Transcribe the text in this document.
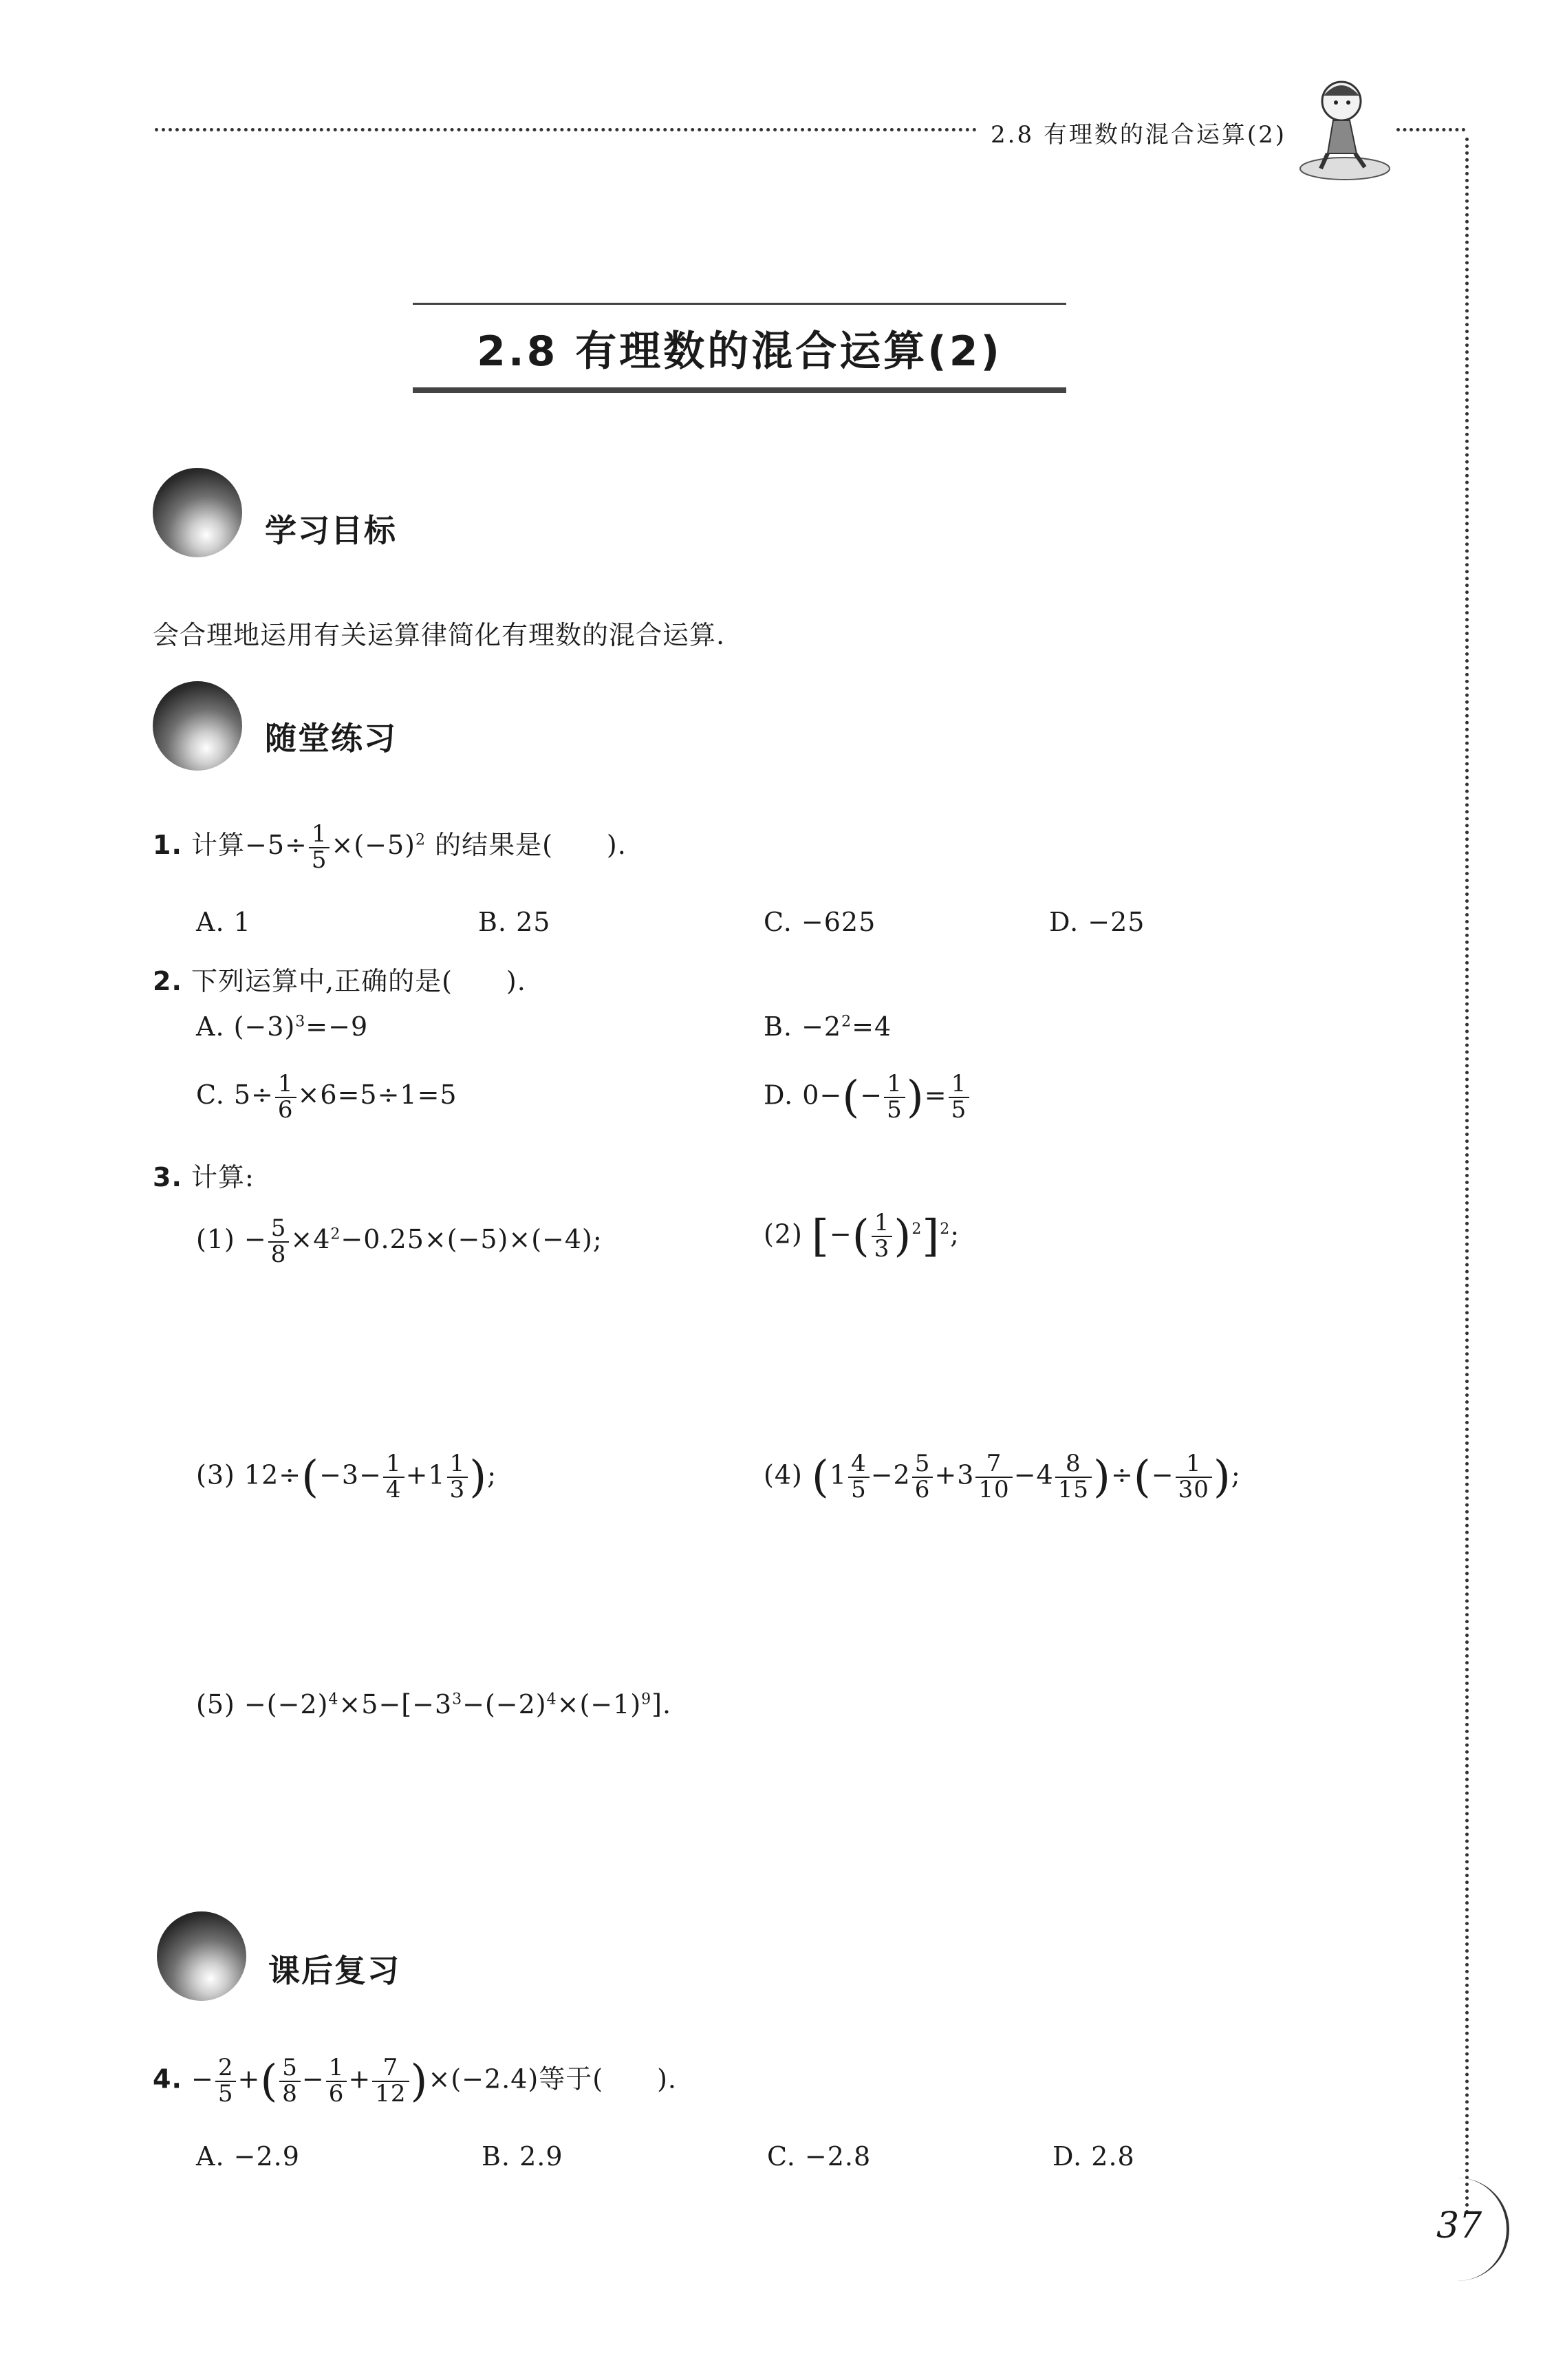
2.8 有理数的混合运算(2)
2.8 有理数的混合运算(2)
学习目标
会合理地运用有关运算律简化有理数的混合运算.
随堂练习
1. 计算$-5\div \frac{1}{5} \times(-5)^2$ 的结果是(　　).
A. 1	B. 25	C. −625	D. −25
2. 下列运算中,正确的是(　　).
A. $(-3)^3=-9$	B. $-2^2=4$
C. $5\div \frac{1}{6} \times 6=5\div 1=5$	D. $0-(- \frac{1}{5}$ )= $\frac{1}{5}$
3. 计算:
$(1) - \frac{5}{8} \times 4^2-0.25\times(-5)\times(-4)$;	(2) [−( $\frac{1}{3} )^2]^2$;
(3) $12\div(-3- \frac{1}{4} +1 \frac{1}{3}$ );	(4) ($1 \frac{4}{5} -2 \frac{5}{6} +3 \frac{7}{10} -4 \frac{8}{15}$ )÷(− $\frac{1}{30}$ );
$(5) -(-2)^4\times 5-[-3^3-(-2)^4\times(-1)^9]$.
课后复习
4. − $\frac{2}{5}$ +( $\frac{5}{8} - \frac{1}{6} + \frac{7}{12} )\times(-2.4)$等于(　　).
A. −2.9	B. 2.9	C. −2.8	D. 2.8
37
